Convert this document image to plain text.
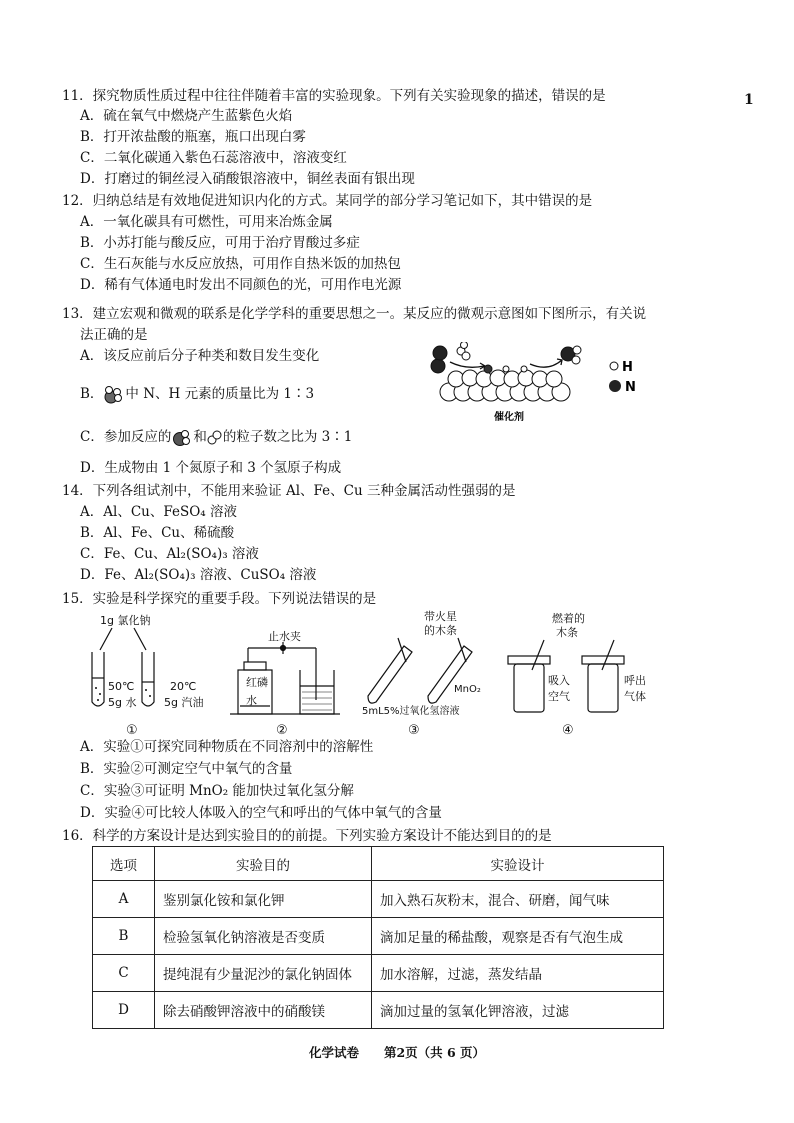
1
11．探究物质性质过程中往往伴随着丰富的实验现象。下列有关实验现象的描述，错误的是
A．硫在氧气中燃烧产生蓝紫色火焰
B．打开浓盐酸的瓶塞，瓶口出现白雾
C．二氧化碳通入紫色石蕊溶液中，溶液变红
D．打磨过的铜丝浸入硝酸银溶液中，铜丝表面有银出现
12．归纳总结是有效地促进知识内化的方式。某同学的部分学习笔记如下，其中错误的是
A．一氧化碳具有可燃性，可用来冶炼金属
B．小苏打能与酸反应，可用于治疗胃酸过多症
C．生石灰能与水反应放热，可用作自热米饭的加热包
D．稀有气体通电时发出不同颜色的光，可用作电光源
13．建立宏观和微观的联系是化学学科的重要思想之一。某反应的微观示意图如下图所示，有关说
法正确的是
A．该反应前后分子种类和数目发生变化
B． 中 N、H 元素的质量比为 1∶3
C．参加反应的 和 的粒子数之比为 3∶1
D．生成物由 1 个氮原子和 3 个氢原子构成
催化剂
H
N
14．下列各组试剂中，不能用来验证 Al、Fe、Cu 三种金属活动性强弱的是
A．Al、Cu、FeSO₄ 溶液
B．Al、Fe、Cu、稀硫酸
C．Fe、Cu、Al₂(SO₄)₃ 溶液
D．Fe、Al₂(SO₄)₃ 溶液、CuSO₄ 溶液
15．实验是科学探究的重要手段。下列说法错误的是
1g 氯化钠
50℃
5g 水
20℃
5g 汽油
①
止水夹
红磷
水
②
带火星
的木条
MnO₂
5mL5%过氧化氢溶液
③
燃着的
木条
吸入
空气
呼出
气体
④
A．实验①可探究同种物质在不同溶剂中的溶解性
B．实验②可测定空气中氧气的含量
C．实验③可证明 MnO₂ 能加快过氧化氢分解
D．实验④可比较人体吸入的空气和呼出的气体中氧气的含量
16．科学的方案设计是达到实验目的的前提。下列实验方案设计不能达到目的的是
选项	实验目的	实验设计
A	鉴别氯化铵和氯化钾	加入熟石灰粉末，混合、研磨，闻气味
B	检验氢氧化钠溶液是否变质	滴加足量的稀盐酸，观察是否有气泡生成
C	提纯混有少量泥沙的氯化钠固体	加水溶解，过滤，蒸发结晶
D	除去硝酸钾溶液中的硝酸镁	滴加过量的氢氧化钾溶液，过滤
化学试卷　　第2页（共 6 页）
